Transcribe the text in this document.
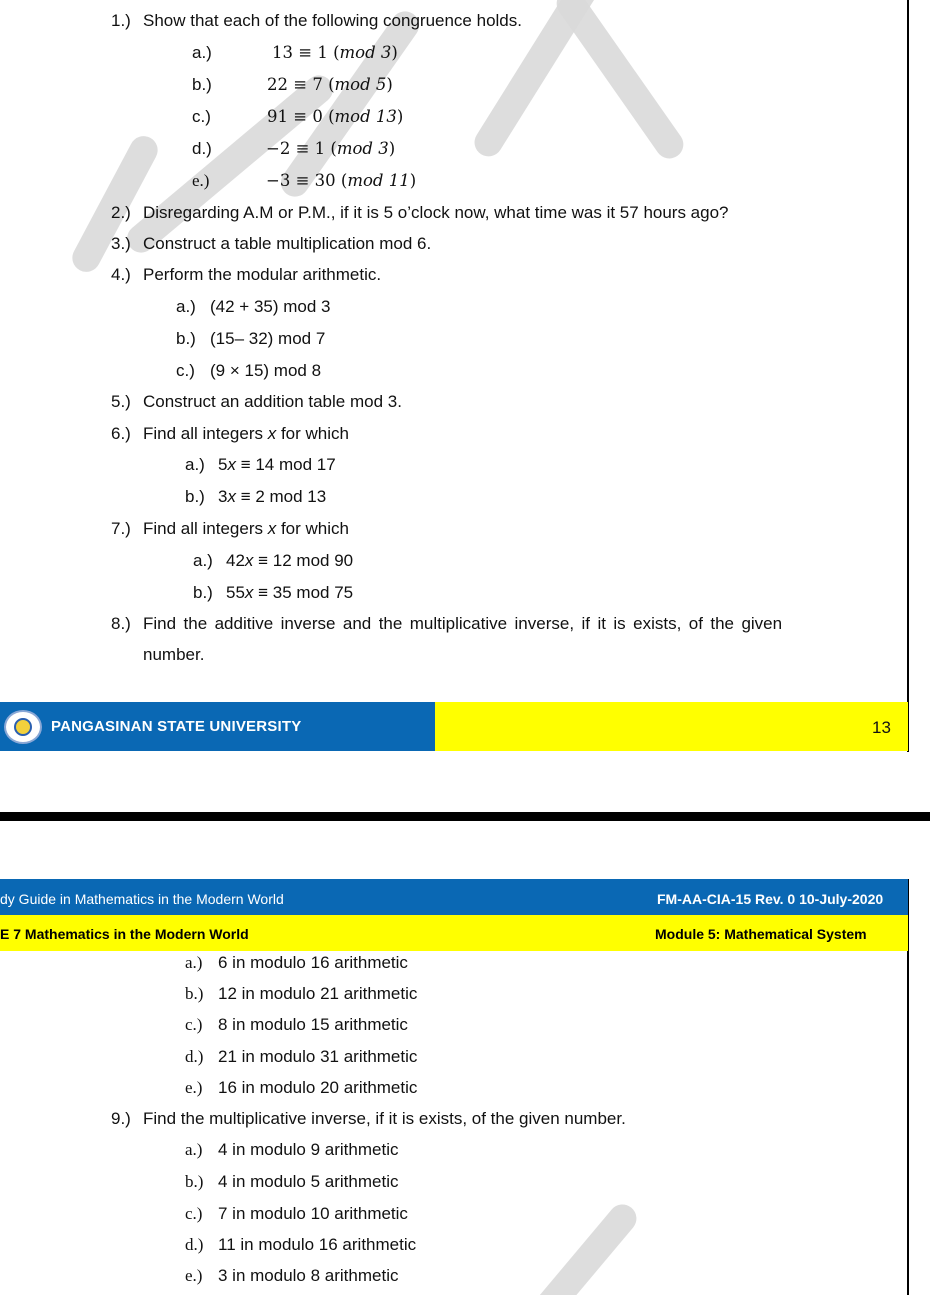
1.) Show that each of the following congruence holds.
a.)	13 ≡ 1 (mod 3)
b.)	22 ≡ 7 (mod 5)
c.)	91 ≡ 0 (mod 13)
d.)	−2 ≡ 1 (mod 3)
e.)	−3 ≡ 30 (mod 11)
2.) Disregarding A.M or P.M., if it is 5 o’clock now, what time was it 57 hours ago?
3.) Construct a table multiplication mod 6.
4.) Perform the modular arithmetic.
a.) (42 + 35) mod 3
b.) (15– 32) mod 7
c.) (9 × 15) mod 8
5.) Construct an addition table mod 3.
6.) Find all integers x for which
a.) 5x ≡ 14 mod 17
b.) 3x ≡ 2 mod 13
7.) Find all integers x for which
a.) 42x ≡ 12 mod 90
b.) 55x ≡ 35 mod 75
8.) Find  the  additive  inverse  and  the  multiplicative  inverse,  if  it  is  exists,  of  the  given
number.
PANGASINAN STATE UNIVERSITY	13
dy Guide in Mathematics in the Modern World	FM-AA-CIA-15 Rev. 0 10-July-2020
E 7 Mathematics in the Modern World	Module 5: Mathematical System
a.) 6 in modulo 16 arithmetic
b.) 12 in modulo 21 arithmetic
c.) 8 in modulo 15 arithmetic
d.) 21 in modulo 31 arithmetic
e.) 16 in modulo 20 arithmetic
9.) Find the multiplicative inverse, if it is exists, of the given number.
a.) 4 in modulo 9 arithmetic
b.) 4 in modulo 5 arithmetic
c.) 7 in modulo 10 arithmetic
d.) 11 in modulo 16 arithmetic
e.) 3 in modulo 8 arithmetic
